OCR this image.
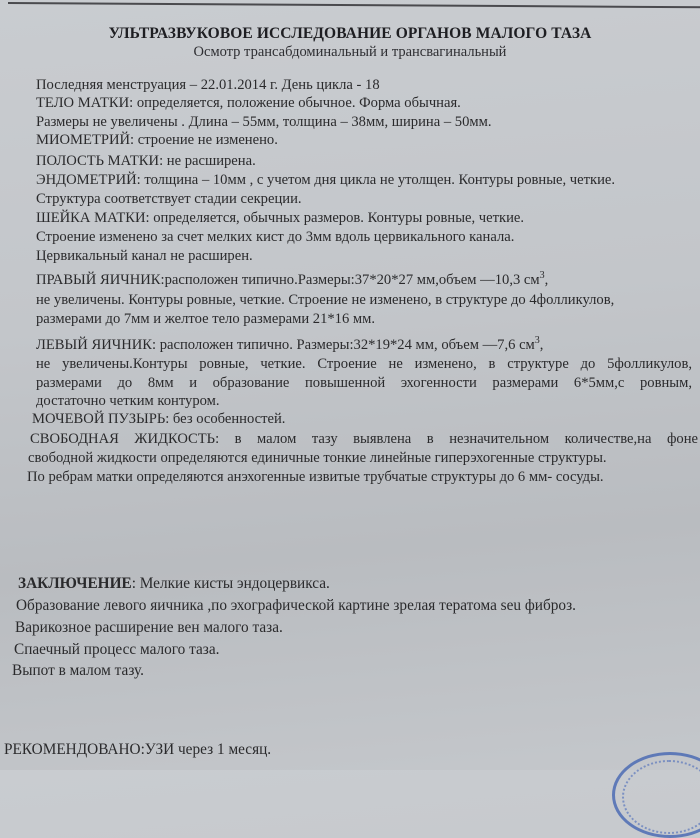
УЛЬТРАЗВУКОВОЕ ИССЛЕДОВАНИЕ ОРГАНОВ МАЛОГО ТАЗА
Осмотр трансабдоминальный и трансвагинальный
Последняя менструация – 22.01.2014 г. День цикла - 18
ТЕЛО МАТКИ: определяется, положение обычное. Форма обычная.
Размеры не увеличены . Длина – 55мм, толщина – 38мм, ширина – 50мм.
МИОМЕТРИЙ: строение не изменено.
ПОЛОСТЬ МАТКИ: не расширена.
ЭНДОМЕТРИЙ: толщина – 10мм , с учетом дня цикла не утолщен. Контуры ровные, четкие.
Структура соответствует стадии секреции.
ШЕЙКА МАТКИ: определяется, обычных размеров. Контуры ровные, четкие.
Строение изменено за счет мелких кист до 3мм вдоль цервикального канала.
Цервикальный канал не расширен.
ПРАВЫЙ ЯИЧНИК:расположен типично.Размеры:37*20*27 мм,объем —10,3 $см^3$,
не увеличены. Контуры ровные, четкие. Строение не изменено, в структуре до 4фолликулов,
размерами до 7мм и желтое тело размерами 21*16 мм.
ЛЕВЫЙ ЯИЧНИК: расположен типично. Размеры:32*19*24 мм, объем —7,6 $см^3$,
не увеличены.Контуры ровные, четкие. Строение не изменено, в структуре до 5фолликулов,
размерами до 8мм и образование повышенной эхогенности размерами 6*5мм,с ровным,
достаточно четким контуром.
МОЧЕВОЙ ПУЗЫРЬ: без особенностей.
СВОБОДНАЯ ЖИДКОСТЬ: в малом тазу выявлена в незначительном количестве,на фоне
свободной жидкости определяются единичные тонкие линейные гиперэхогенные структуры.
По ребрам матки определяются анэхогенные извитые трубчатые структуры до 6 мм- сосуды.
ЗАКЛЮЧЕНИЕ: Мелкие кисты эндоцервикса.
Образование левого яичника ,по эхографической картине зрелая тератома seu фиброз.
Варикозное расширение вен малого таза.
Спаечный процесс малого таза.
Выпот в малом тазу.
РЕКОМЕНДОВАНО:УЗИ через 1 месяц.
